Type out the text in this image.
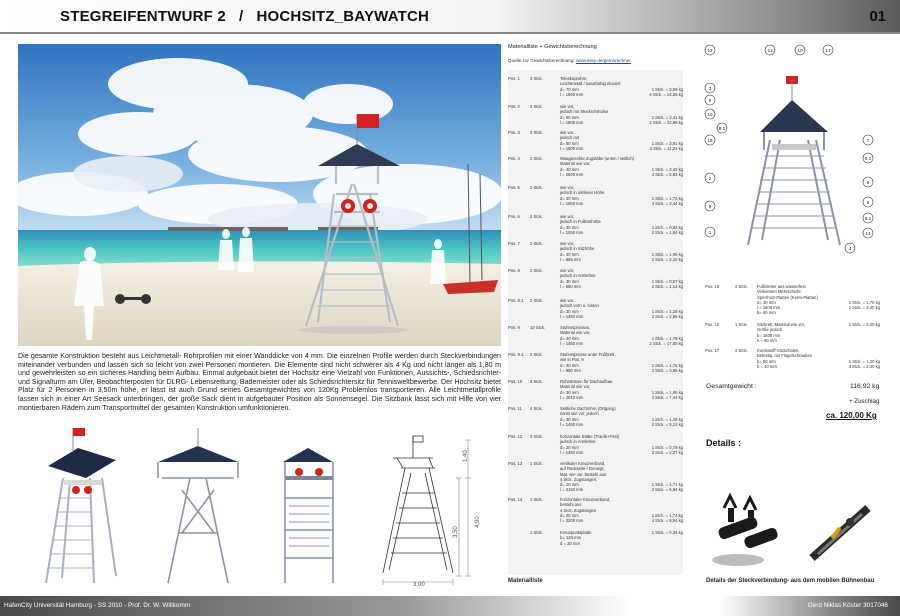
STEGREIFENTWURF 2   /   HOCHSITZ_BAYWATCH	01
Die gesamte Konstruktion besteht aus Leichtmetall- Rohrprofilen mit einer Wanddicke von 4 mm. Die einzelnen Profile werden durch Steckverbindungen miteinander verbunden und lassen sich so leicht von zwei Personen montieren. Die Elemente sind nicht schwerer als 4 Kg und nicht länger als 1,80 m und gewehrleisten so ein sicheres Handling beim Aufbau. Einmal aufgebaut bietet der Hochsitz eine Vielzahl von Funktionen, Aussichts-, Schiedsrichter- und Signalturm am Ufer, Beobachterposten für DLRG- Lebensrettung, Bademeister oder als Schiedsrichtersitz für Tennisweltbewerbe. Der Hochsitz bietet Platz für 2 Personen in 3,50m höhe, er lässt ist auch Grund seines Gesamtgewichtes von 120Kg Problemlos transportieren. Alle Leichtmetallprofile lassen sich in einer Art Seesack unterbringen, der große Sack dient in aufgebauter Position als Sonnensegel. Die Sitzbank lässt sich mit Hilfe von vier montierbaren Rädern zum Transportmittel der gesamten Konstruktion umfunktionieren.
1,40
4,90
3,50
3,00
Materialliste + Gewichtsberechnung
Quelle zur Gewichtsberechnung: www.dorp.de/gemorechner
Pos. 1	4 Stck.	Teleskoprohre,
Leichtmetall / naturfarbig eloxiert
d= 70 mm
l = 1800 mm

1 Stck. = 3,59 kg
4 Stck. = 14,36 kg
Pos. 2	4 Stck.	wie vor,
jedoch mit Steckrohrhülse
d= 60 mm
l = 1800 mm

1 Stck. = 3,41 kg
4 Stck. = 13,86 kg
Pos. 3	4 Stck.	wie vor,
jedoch mit
d= 50 mm
l = 1800 mm

1 Stck. = 2,81 kg
4 Stck. = 11,24 kg
Pos. 4	2 Stck.	Waagerechte Zugstäbe (unten / seitlich)
Material wie vor,
d= 40 mm
l = 2800 mm

1 Stck. = 3,42 kg
4 Stck. = 6,84 kg
Pos. 5	2 Stck.	wie vor,
jedoch in mittlerer Höhe
d= 30 mm
l = 1950 mm

1 Stck. = 1,72 kg
4 Stck. = 3,44 kg
Pos. 6	2 Stck.	wie vor,
jedoch in Fußtrethöhe
d= 30 mm
l = 1050 mm

1 Stck. = 0,92 kg
2 Stck. = 1,84 kg
Pos. 7	2 Stck.	wie vor,
jedoch in Sitzhöhe
d= 40 mm
l = 865 mm

1 Stck. = 1,05 kg
2 Stck. = 2,10 kg
Pos. 8	2 Stck.	wie vor,
jedoch in Armlehne
d= 30 mm
l = 650 mm

1 Stck. = 0,57 kg
2 Stck. = 1,14 kg
Pos. 8.1	2 Stck.	wie vor,
jedoch vorn u. hinten
d= 30 mm
l = 1450 mm

1 Stck. = 1,28 kg
2 Stck. = 2,56 kg
Pos. 9	10 Stck.	Stufensprossen,
Material wie vor,
d= 40 mm
l = 1450 mm

1 Stck. = 1,78 kg
2 Stck. = 17,80 kg
Pos. 9.1	2 Stck.	Stufensprosse unter Fußbrett,
wie in Pos. 9
d= 40 mm
l = 950 mm

1 Stck. = 1,78 kg
2 Stck. = 3,56 kg
Pos. 10	4 Stck.	Rohrstützen für Dachaufbau
Material wie vor,
d= 30 mm
l = 2010 mm

1 Stck. = 1,86 kg
2 Stck. = 7,44 kg
Pos. 11	4 Stck.	Seitliche Dachrohre (Ortgang)
sonst wie vor, jedoch
d= 30 mm
l = 1450 mm

1 Stck. = 1,28 kg
2 Stck. = 5,12 kg
Pos. 12	3 Stck.	horizontale Stäbe (Traufe+First)
jedoch in Armlehne
d= 20 mm
l = 1450 mm

1 Stck. = 0,79 kg
3 Stck. = 2,37 kg
Pos. 13	1 Stck.	vertikaler Kreuzverband,
auf Rückseite / Geneigt,
Mat. wie vor, bestehl aus
4 Stck. Zugstangen,
d= 20 mm
l = 3150 mm

1 Stck. = 1,71 kg
2 Stck. = 6,84 kg
Pos. 14	1 Stck.	horizontaler Kreuzverband,
bestehl aus
4 Stck. Zugstangen
d= 20 mm
l = 3200 mm

1 Stck. = 1,74 kg
4 Stck. = 6,94 kg
1 Stck.	Kreuzpunktplatte
b= 120 mm
d = 30 mm
1 Stck. = 0,34 kg

Materialliste
12	11	10	17
3
8
15
8.1
16	7
9.1
2
6
5
9
9.1
1	14
4
Pos. 15	2 Stck. Fußbretter aus wasserfest
Verleimten Mehrschicht-
Sperrholz-Platten (Kerto-Platten)
d= 30 mm
l = 1800 mm
b= 60 mm

1 Stck. = 1,70 kg
2 Stck. = 3,40 kg

Pos. 16	1 Stck. Sitzbrett, Material wie vor,
Größe jedoch
b= 1600 mm
h = 60 mm
1 Stck. = 3,40 kg

Pos. 17	2 Stck. Kunststoff-Sitzschalen,
Befestig. mit Flügelschrauben
b= 50 mm
b = 40 mm

1 Stck. = 1,20 kg
4 Stck. = 2,40 kg
Gesamtgewicht :	116,92 kg
+ Zuschlag
ca. 120,00 Kg
Details :
Details der Steckverbindung- aus dem mobilen Bühnenbau
HafenCity Universität Hamburg - SS 2010 - Prof. Dr. W. Willkomm	Gerd Niklas Köster 3017046
